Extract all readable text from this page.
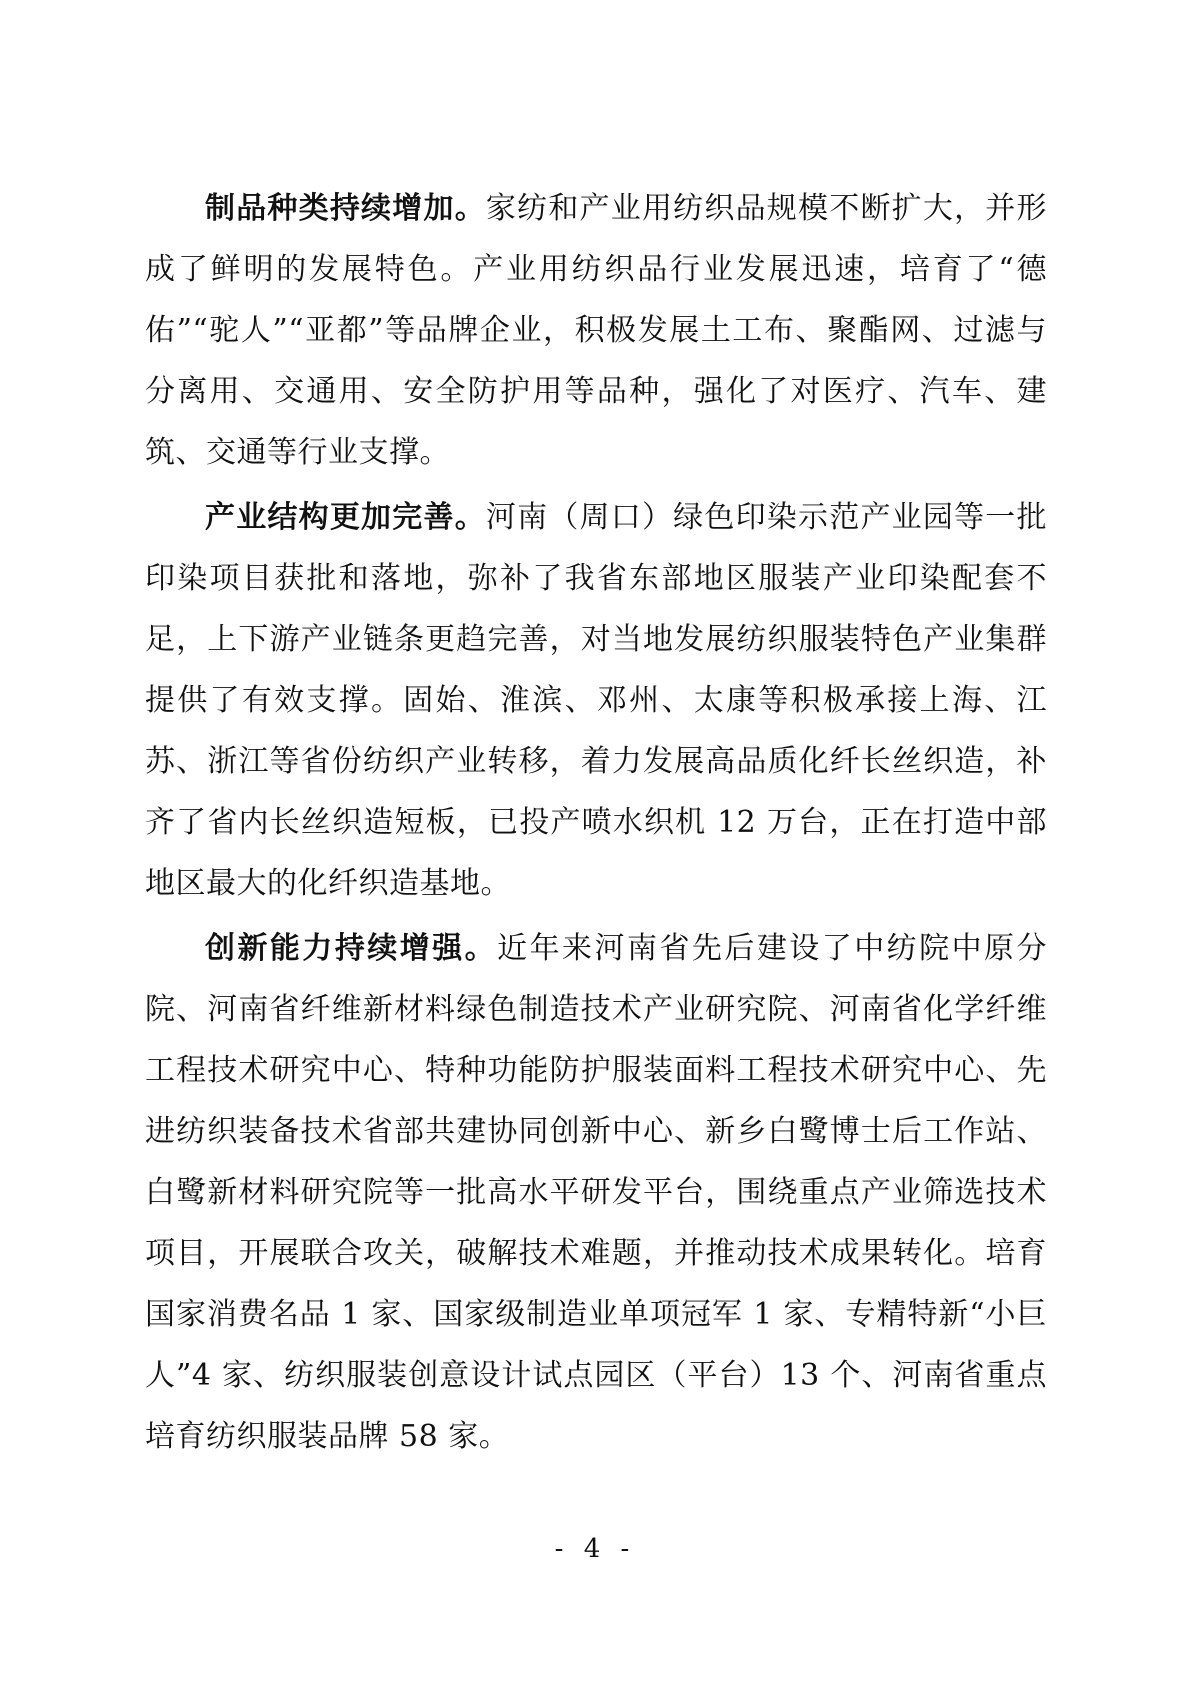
制品种类持续增加。家纺和产业用纺织品规模不断扩大，并形成了鲜明的发展特色。产业用纺织品行业发展迅速，培育了“德佑”“驼人”“亚都”等品牌企业，积极发展土工布、聚酯网、过滤与分离用、交通用、安全防护用等品种，强化了对医疗、汽车、建筑、交通等行业支撑。

产业结构更加完善。河南（周口）绿色印染示范产业园等一批印染项目获批和落地，弥补了我省东部地区服装产业印染配套不足，上下游产业链条更趋完善，对当地发展纺织服装特色产业集群提供了有效支撑。固始、淮滨、邓州、太康等积极承接上海、江苏、浙江等省份纺织产业转移，着力发展高品质化纤长丝织造，补齐了省内长丝织造短板，已投产喷水织机 12 万台，正在打造中部地区最大的化纤织造基地。

创新能力持续增强。近年来河南省先后建设了中纺院中原分院、河南省纤维新材料绿色制造技术产业研究院、河南省化学纤维工程技术研究中心、特种功能防护服装面料工程技术研究中心、先进纺织装备技术省部共建协同创新中心、新乡白鹭博士后工作站、白鹭新材料研究院等一批高水平研发平台，围绕重点产业筛选技术项目，开展联合攻关，破解技术难题，并推动技术成果转化。培育国家消费名品 1 家、国家级制造业单项冠军 1 家、专精特新“小巨人”4 家、纺织服装创意设计试点园区（平台）13 个、河南省重点培育纺织服装品牌 58 家。

- 4 -
